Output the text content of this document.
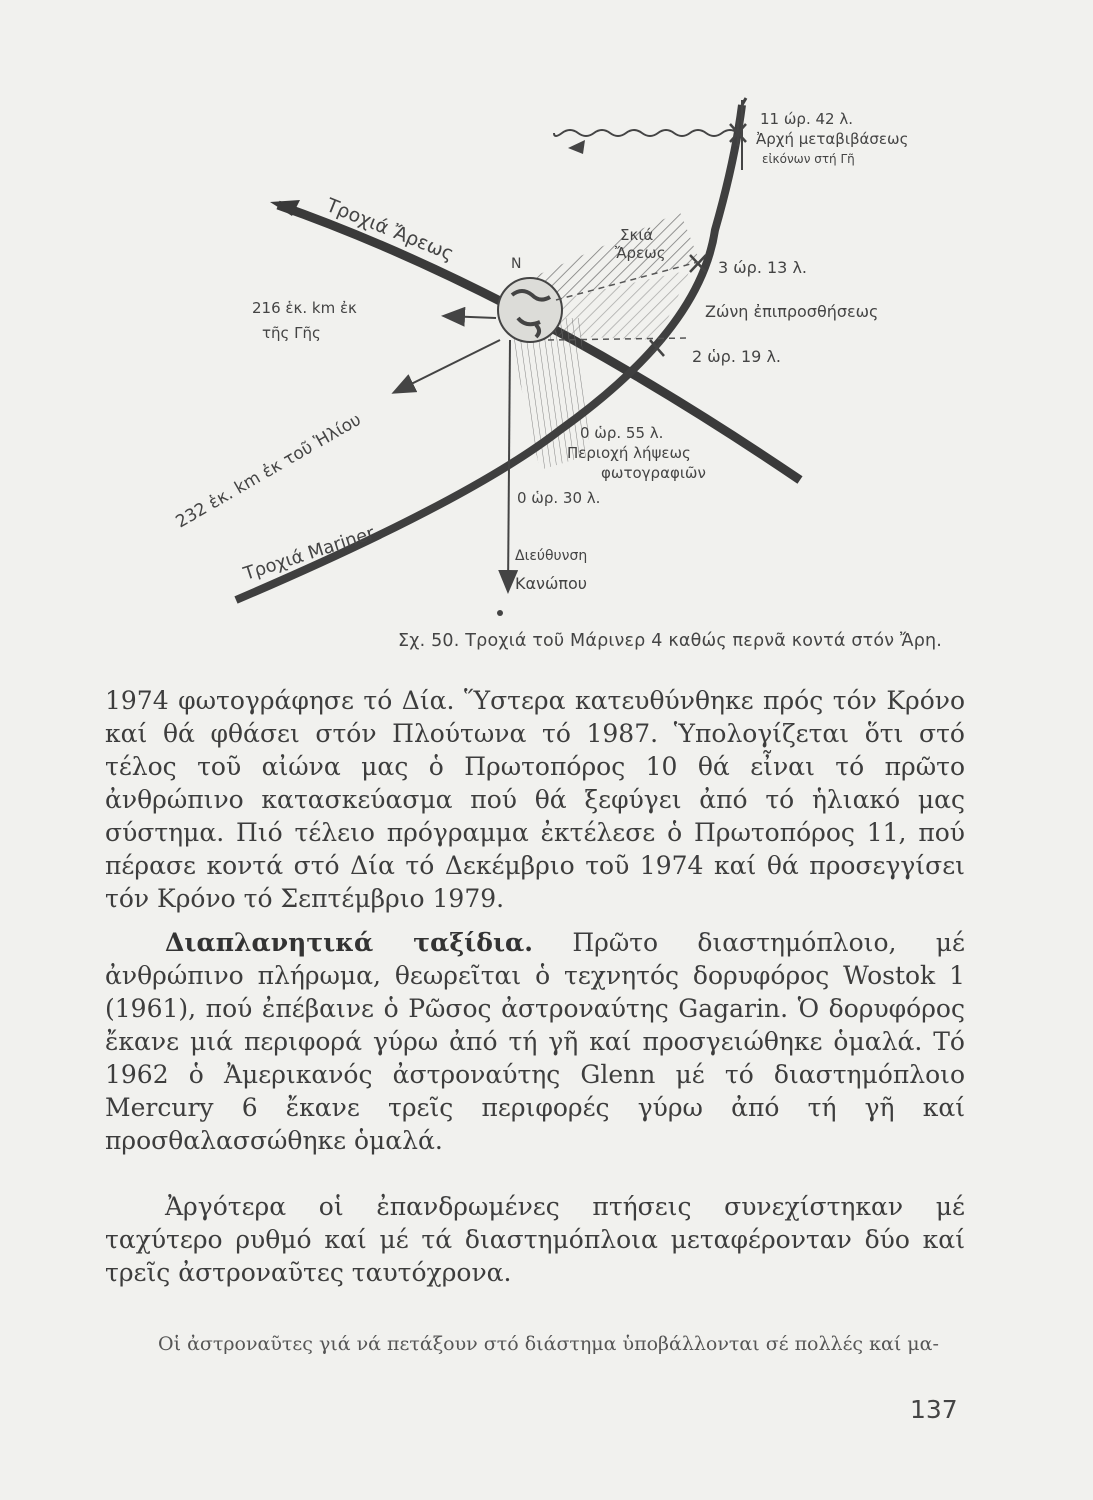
11 ώρ. 42 λ.
Ἀρχή μεταβιβάσεως
εἰκόνων στή Γῆ
Τροχιά Ἄρεως	Σκιά
Ἄρεως
Ν	3 ώρ. 13 λ.
Ζώνη ἐπιπροσθήσεως
2 ὡρ. 19 λ.
216 ἑκ. km ἐκ
τῆς Γῆς
232 ἑκ. km ἐκ τοῦ Ἡλίου	0 ὡρ. 55 λ.
Περιοχή λήψεως
φωτογραφιῶν
0 ὡρ. 30 λ.
Τροχιά Mariner	Διεύθυνση
Κανώπου
Σχ. 50. Τροχιά τοῦ Μάρινερ 4 καθώς περνᾶ κοντά στόν Ἄρη.

1974 φωτογράφησε τό Δία. Ὕστερα κατευθύνθηκε πρός τόν Κρόνο καί θά φθάσει στόν Πλούτωνα τό 1987. Ὑπολογίζεται ὅτι στό τέλος τοῦ αἰώνα μας ὁ Πρωτοπόρος 10 θά εἶναι τό πρῶτο ἀνθρώπινο κατασκεύασμα πού θά ξεφύγει ἀπό τό ἡλιακό μας σύστημα. Πιό τέλειο πρόγραμμα ἐκτέλεσε ὁ Πρωτοπόρος 11, πού πέρασε κοντά στό Δία τό Δεκέμβριο τοῦ 1974 καί θά προσεγγίσει τόν Κρόνο τό Σεπτέμβριο 1979.

Διαπλανητικά ταξίδια. Πρῶτο διαστημόπλοιο, μέ ἀνθρώπινο πλήρωμα, θεωρεῖται ὁ τεχνητός δορυφόρος Wostok 1 (1961), πού ἐπέβαινε ὁ Ρῶσος ἀστροναύτης Gagarin. Ὁ δορυφόρος ἔκανε μιά περιφορά γύρω ἀπό τή γῆ καί προσγειώθηκε ὁμαλά. Τό 1962 ὁ Ἀμερικανός ἀστροναύτης Glenn μέ τό διαστημόπλοιο Mercury 6 ἔκανε τρεῖς περιφορές γύρω ἀπό τή γῆ καί προσθαλασσώθηκε ὁμαλά.

Ἀργότερα οἱ ἐπανδρωμένες πτήσεις συνεχίστηκαν μέ ταχύτερο ρυθμό καί μέ τά διαστημόπλοια μεταφέρονταν δύο καί τρεῖς ἀστροναῦτες ταυτόχρονα.

Οἱ ἀστροναῦτες γιά νά πετάξουν στό διάστημα ὑποβάλλονται σέ πολλές καί μα-
137
